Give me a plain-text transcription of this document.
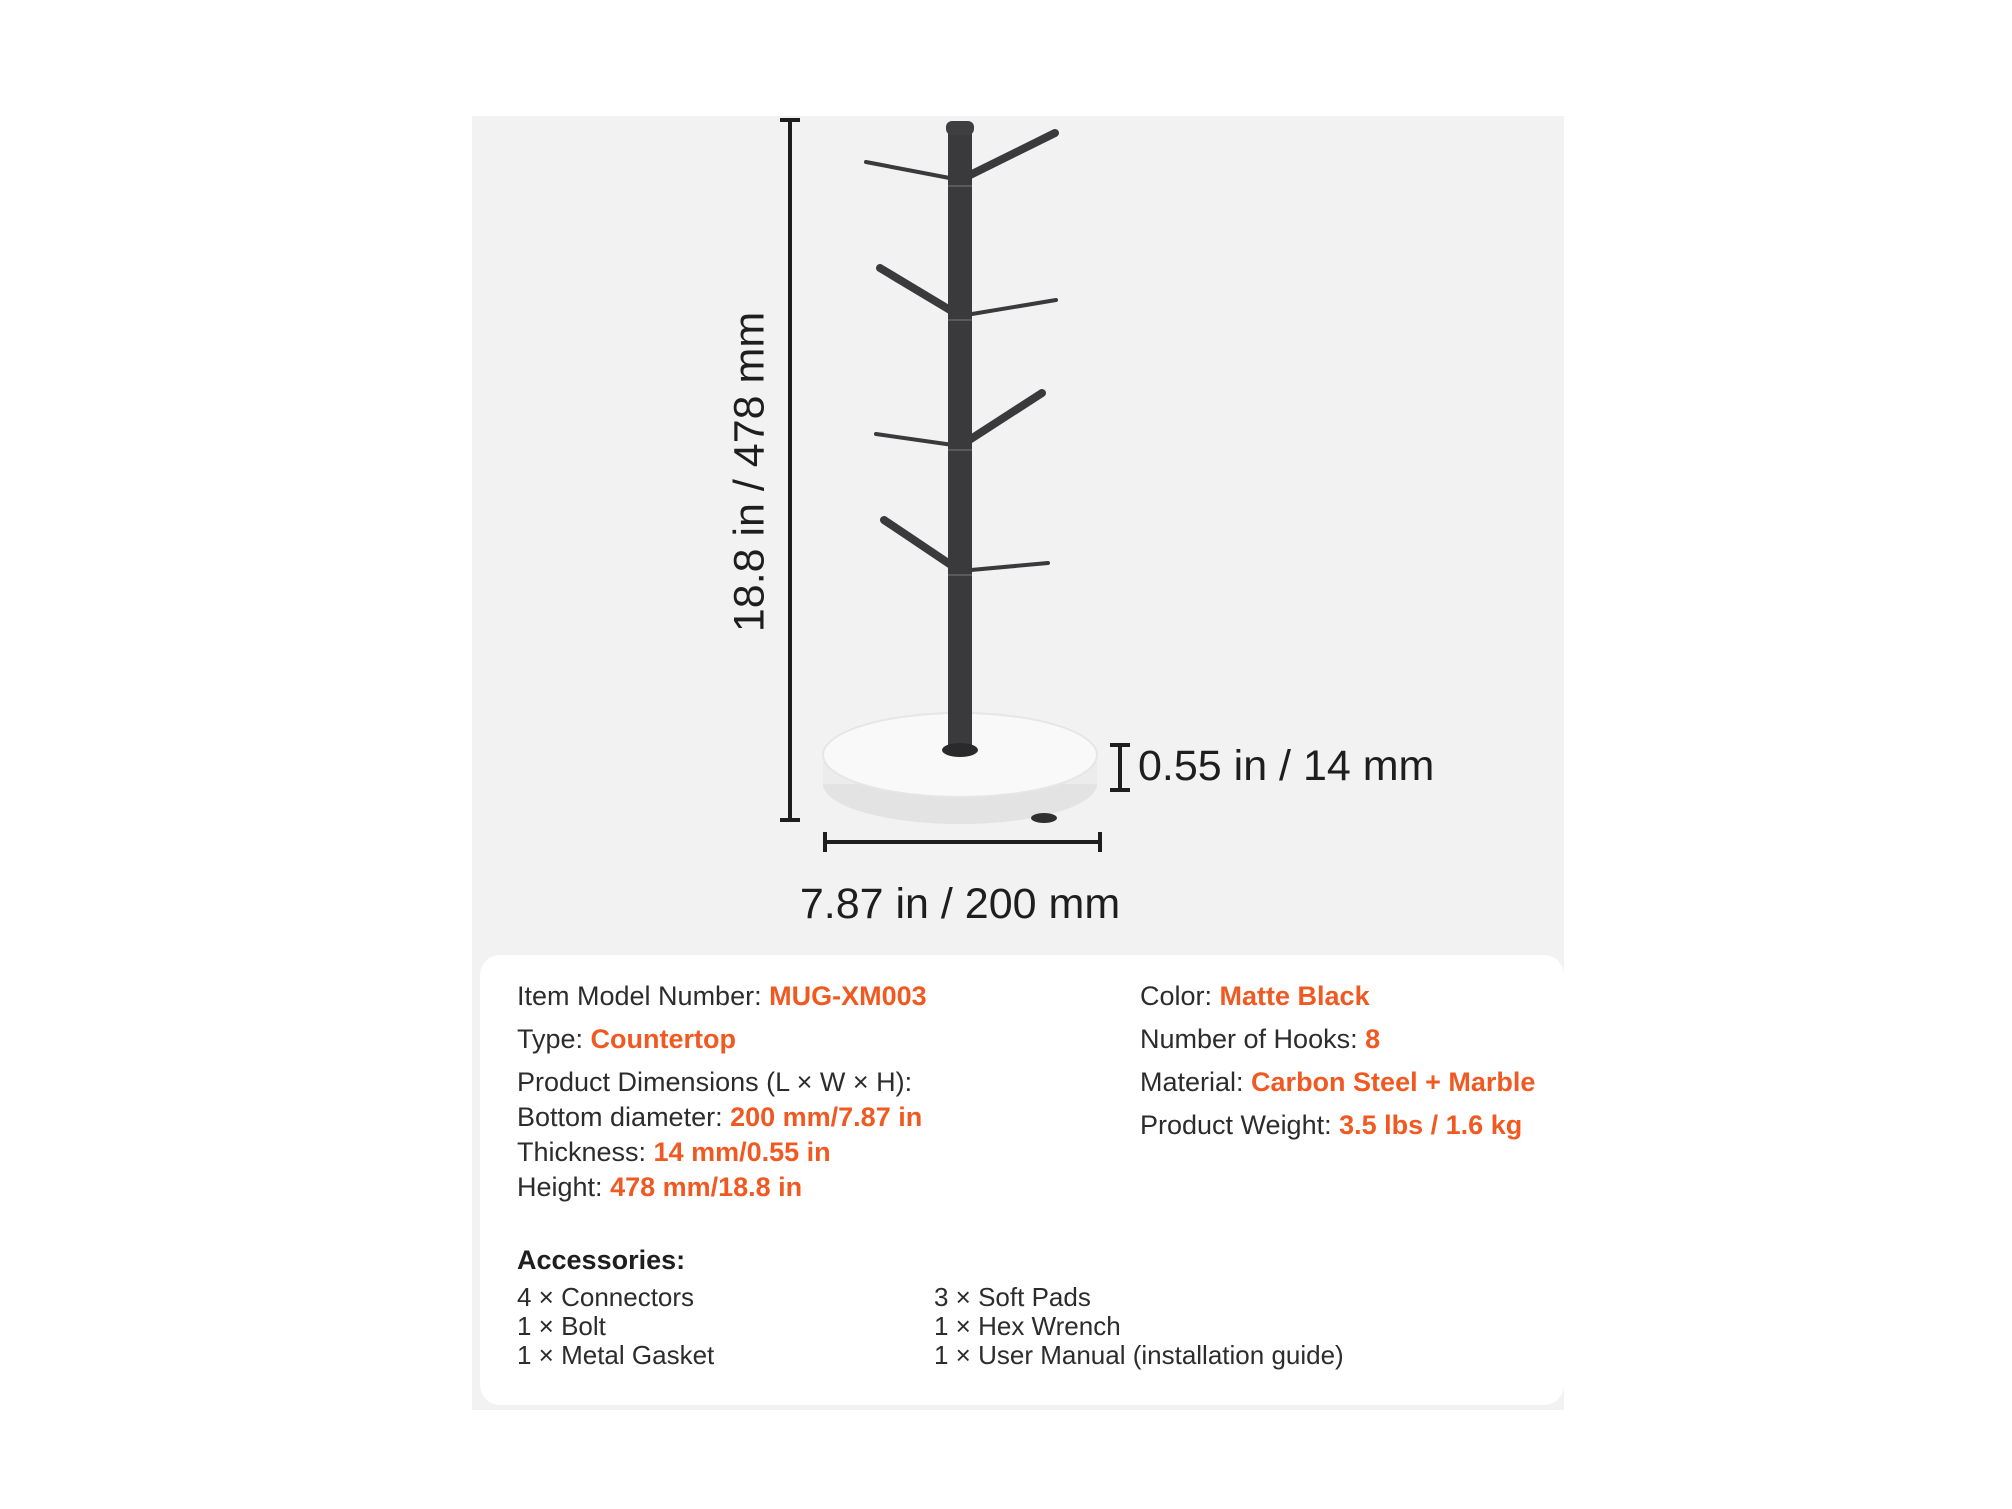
18.8 in / 478 mm
0.55 in / 14 mm
7.87 in / 200 mm
Item Model Number: MUG-XM003
Type: Countertop
Product Dimensions (L × W × H):
Bottom diameter: 200 mm/7.87 in
Thickness: 14 mm/0.55 in
Height: 478 mm/18.8 in
Color: Matte Black
Number of Hooks: 8
Material: Carbon Steel + Marble
Product Weight: 3.5 lbs / 1.6 kg
Accessories:
4 × Connectors
1 × Bolt
1 × Metal Gasket
3 × Soft Pads
1 × Hex Wrench
1 × User Manual (installation guide)
